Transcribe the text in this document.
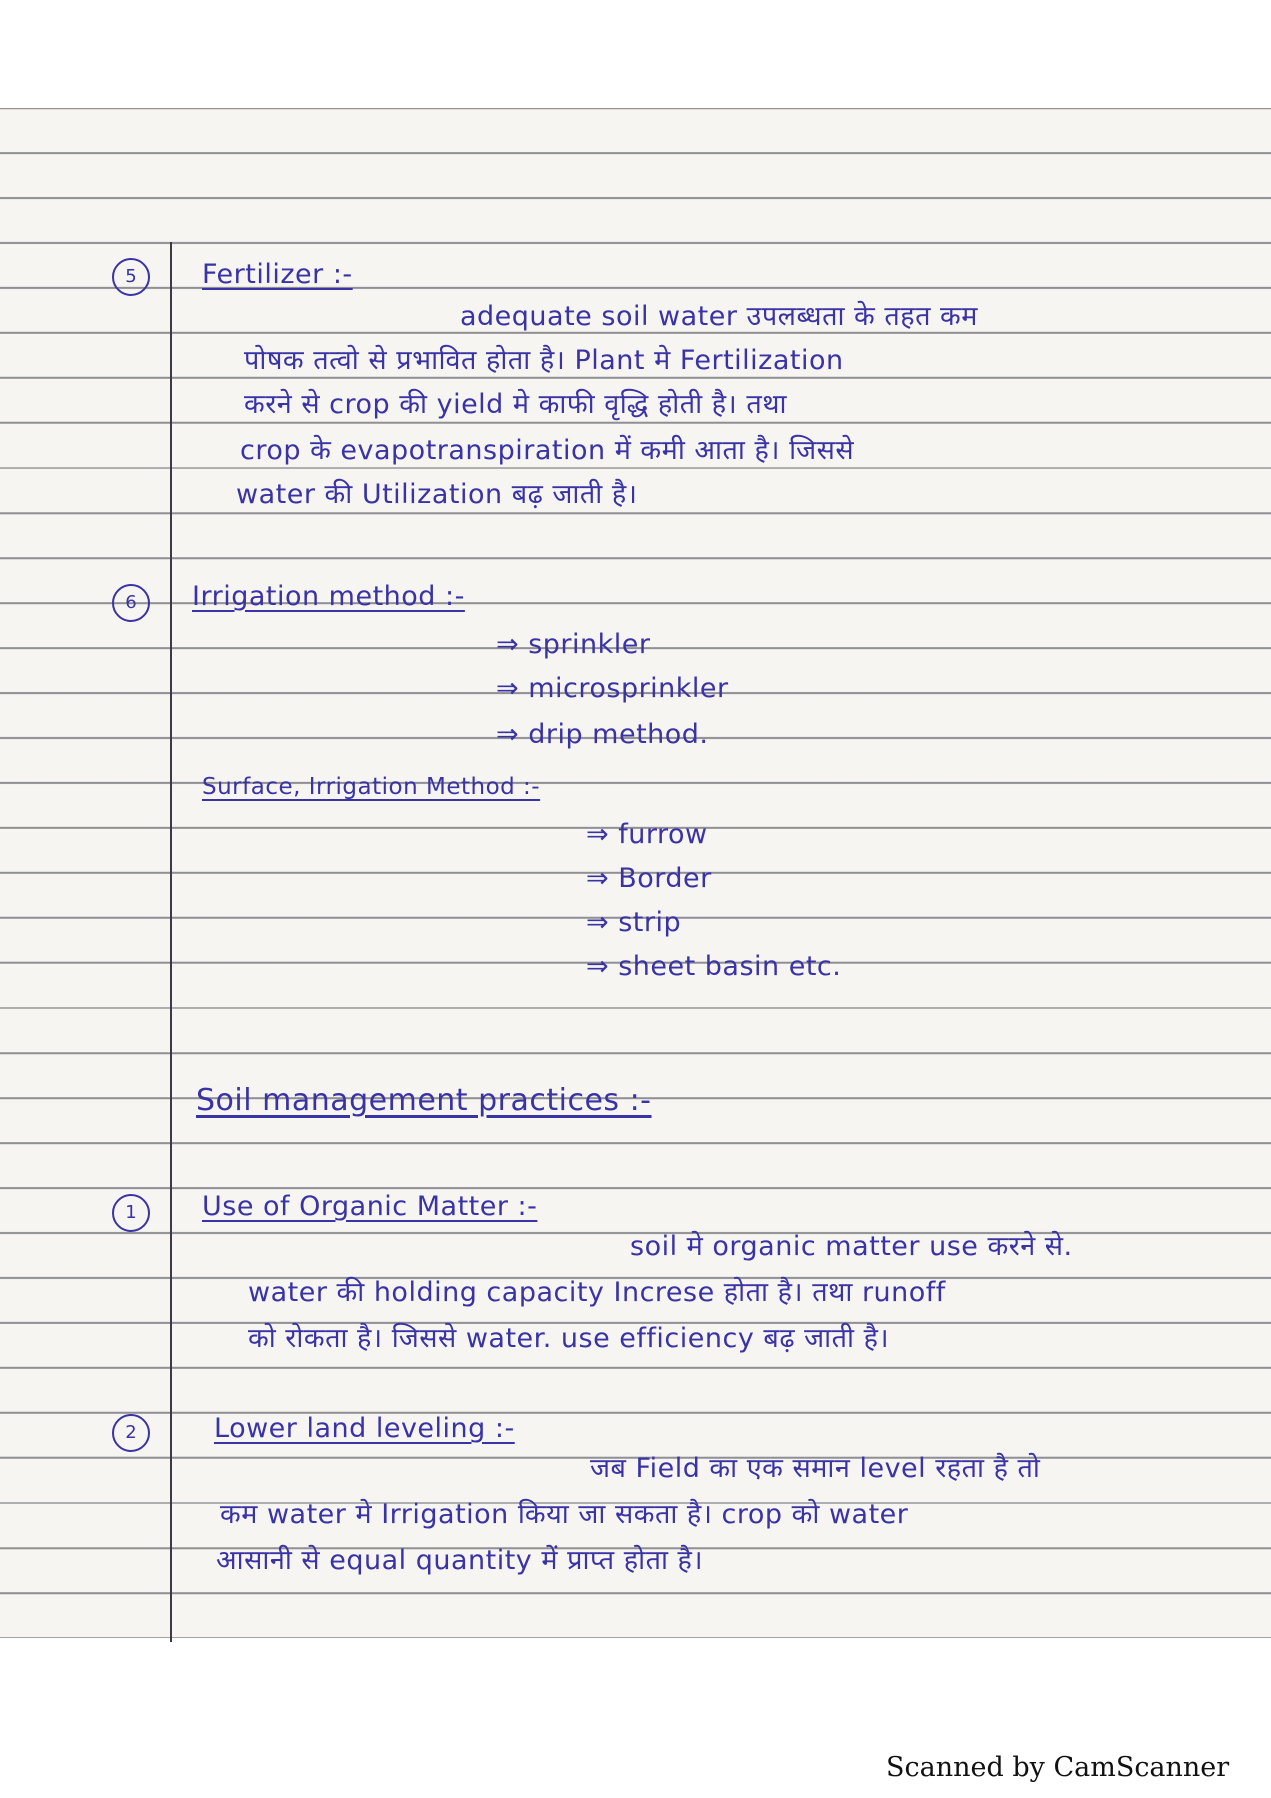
5	Fertilizer :-
adequate soil water उपलब्धता के तहत कम
पोषक तत्वो से प्रभावित होता है। Plant मे Fertilization
करने से crop की yield मे काफी वृद्धि होती है। तथा
crop के evapotranspiration में कमी आता है। जिससे
water की Utilization बढ़ जाती है।
6	Irrigation method :-
⇒ sprinkler
⇒ microsprinkler
⇒ drip method.
Surface, Irrigation Method :-
⇒ furrow
⇒ Border
⇒ strip
⇒ sheet basin etc.
Soil management practices :-
1	Use of Organic Matter :-
soil मे organic matter use करने से.
water की holding capacity Increse होता है। तथा runoff
को रोकता है। जिससे water. use efficiency बढ़ जाती है।
2	Lower land leveling :-
जब Field का एक समान level रहता है तो
कम water मे Irrigation किया जा सकता है। crop को water
आसानी से equal quantity में प्राप्त होता है।
Scanned by CamScanner
